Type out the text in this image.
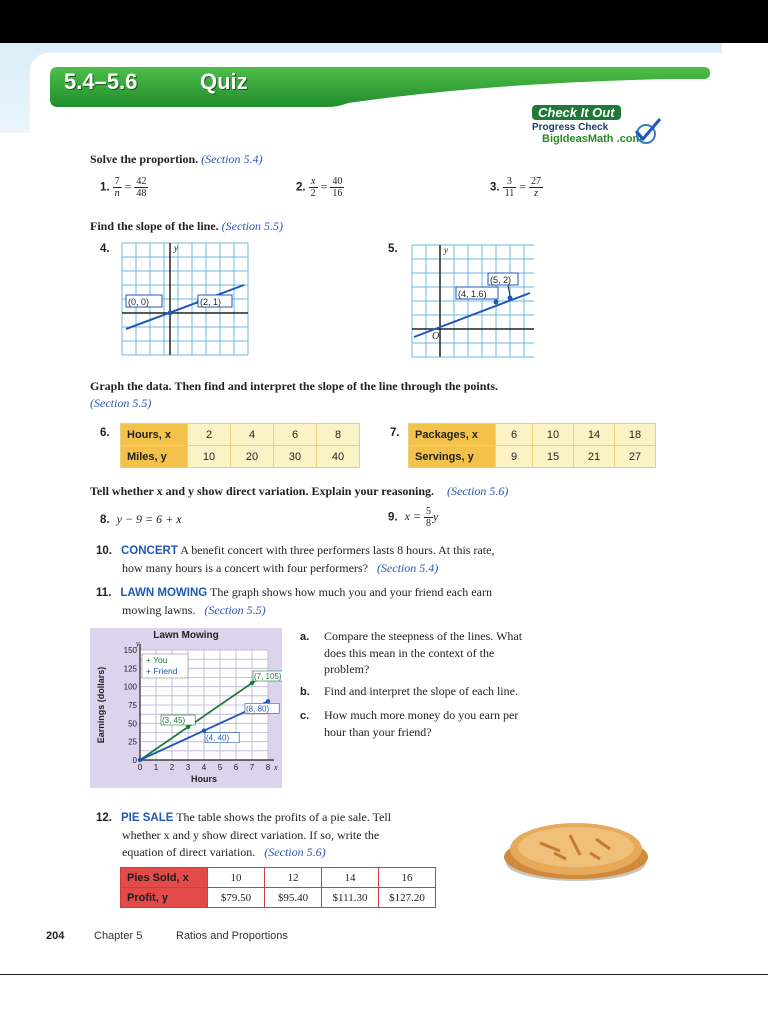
5.4–5.6	Quiz
Check It Out
Progress Check
BigIdeasMath .com
Solve the proportion. (Section 5.4)
1. $\frac{7}{n} = \frac{42}{48}$	2. $\frac{x}{2} = \frac{40}{16}$	3. $\frac{3}{11} = \frac{27}{z}$
Find the slope of the line. (Section 5.5)
4.	5.
(0, 0)	(2, 1)
y
(5, 2)
(4, 1.6)
y
O
Graph the data. Then find and interpret the slope of the line through the points.
(Section 5.5)
6. Hours, x	2	4	6	8
Miles, y	10	20	30	40
7. Packages, x	6	10	14	18
Servings, y	9	15	21	27
Tell whether x and y show direct variation. Explain your reasoning. (Section 5.6)
8. y − 9 = 6 + x	9. $x = \frac{5}{8}$ y
10. CONCERT A benefit concert with three performers lasts 8 hours. At this rate,
how many hours is a concert with four performers? (Section 5.4)
11. LAWN MOWING The graph shows how much you and your friend each earn
mowing lawns. (Section 5.5)
Lawn Mowing
0 1 2 3 4 5 6 7 8
0
25
50
75
100
125
150
x
y
Hours
Earnings (dollars)	(3, 45)
(7, 105)
(4, 40)
(8, 80)
+ You
+ Friend
a. Compare the steepness of the lines. What
does this mean in the context of the
problem?
b. Find and interpret the slope of each line.
c. How much more money do you earn per
hour than your friend?
12. PIE SALE The table shows the profits of a pie sale. Tell
whether x and y show direct variation. If so, write the
equation of direct variation. (Section 5.6)
Pies Sold, x	10	12	14	16
Profit, y	$79.50	$95.40	$111.30	$127.20
204	Chapter 5	Ratios and Proportions
